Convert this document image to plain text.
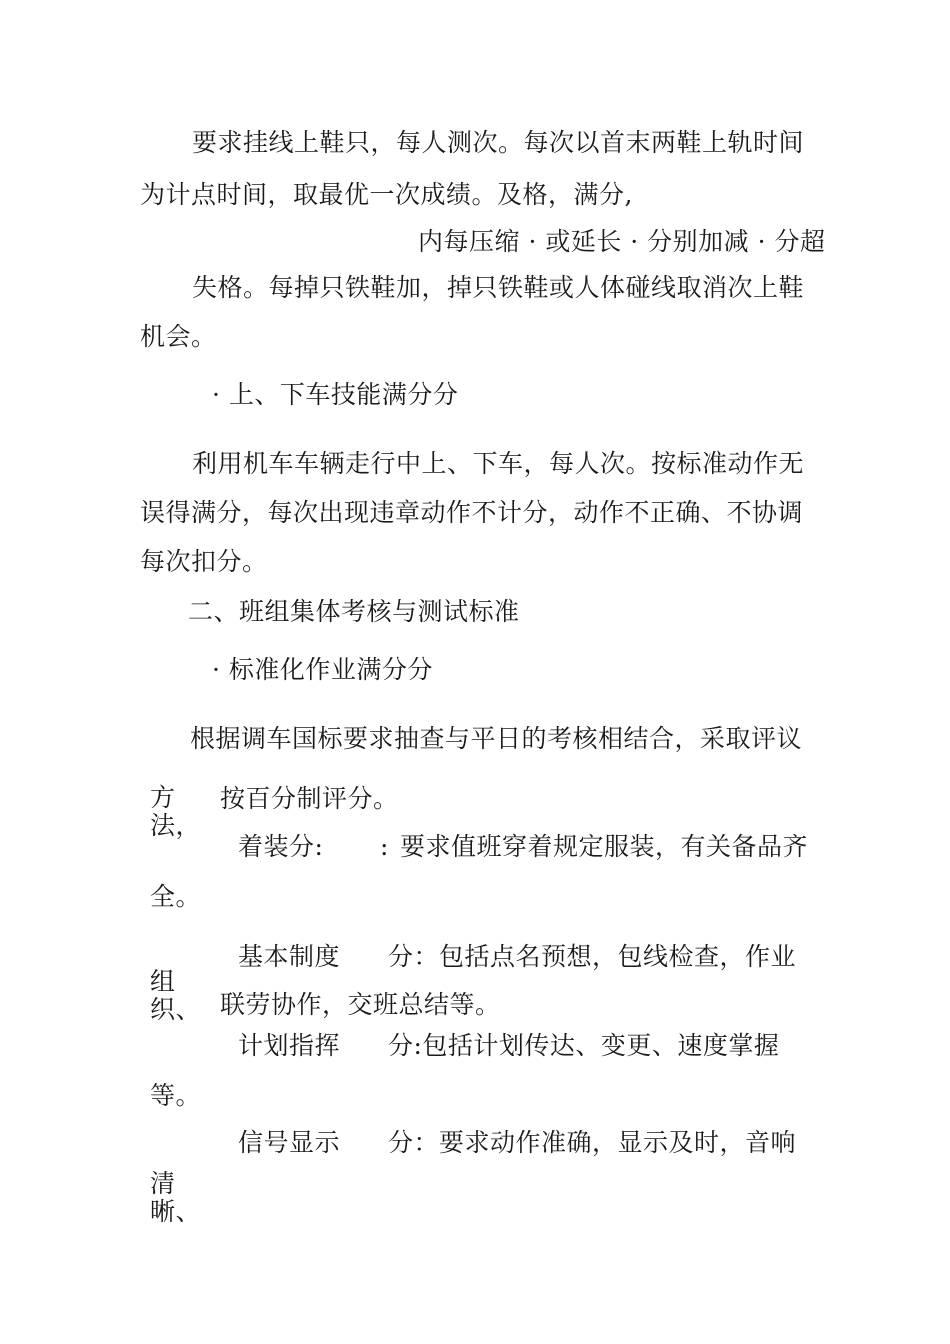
要求挂线上鞋只，每人测次。每次以首末两鞋上轨时间
为计点时间，取最优一次成绩。及格，满分,
内每压缩 · 或延长 · 分别加减 · 分超
失格。每掉只铁鞋加，掉只铁鞋或人体碰线取消次上鞋
机会。
· 上、下车技能满分分
利用机车车辆走行中上、下车，每人次。按标准动作无
误得满分，每次出现违章动作不计分，动作不正确、不协调
每次扣分。
二、班组集体考核与测试标准
· 标准化作业满分分
根据调车国标要求抽查与平日的考核相结合，采取评议
方法，
按百分制评分。
着装分: : 要求值班穿着规定服装，有关备品齐
全。
基本制度 分：包括点名预想，包线检查，作业
组织、 联劳协作，交班总结等。
计划指挥 分:包括计划传达、变更、速度掌握
等。
信号显示 分：要求动作准确，显示及时，音响
清晰、
